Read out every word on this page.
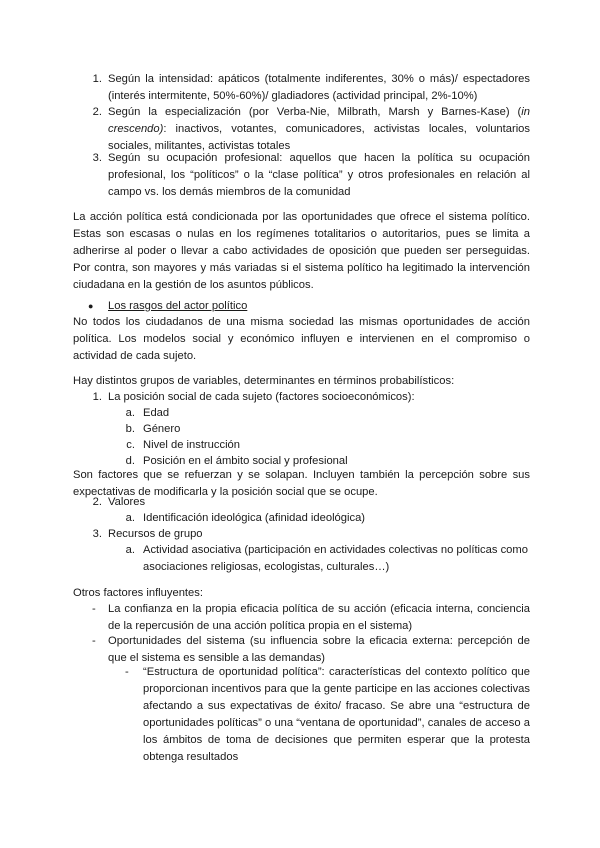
1. Según la intensidad: apáticos (totalmente indiferentes, 30% o más)/ espectadores (interés intermitente, 50%-60%)/ gladiadores (actividad principal, 2%-10%)
2. Según la especialización (por Verba-Nie, Milbrath, Marsh y Barnes-Kase) (in crescendo): inactivos, votantes, comunicadores, activistas locales, voluntarios sociales, militantes, activistas totales
3. Según su ocupación profesional: aquellos que hacen la política su ocupación profesional, los “políticos” o la “clase política” y otros profesionales en relación al campo vs. los demás miembros de la comunidad
La acción política está condicionada por las oportunidades que ofrece el sistema político. Estas son escasas o nulas en los regímenes totalitarios o autoritarios, pues se limita a adherirse al poder o llevar a cabo actividades de oposición que pueden ser perseguidas. Por contra, son mayores y más variadas si el sistema político ha legitimado la intervención ciudadana en la gestión de los asuntos públicos.
● Los rasgos del actor político
No todos los ciudadanos de una misma sociedad las mismas oportunidades de acción política. Los modelos social y económico influyen e intervienen en el compromiso o actividad de cada sujeto.
Hay distintos grupos de variables, determinantes en términos probabilísticos:
1. La posición social de cada sujeto (factores socioeconómicos):
a. Edad
b. Género
c. Nivel de instrucción
d. Posición en el ámbito social y profesional
Son factores que se refuerzan y se solapan. Incluyen también la percepción sobre sus expectativas de modificarla y la posición social que se ocupe.
2. Valores
a. Identificación ideológica (afinidad ideológica)
3. Recursos de grupo
a. Actividad asociativa (participación en actividades colectivas no políticas como asociaciones religiosas, ecologistas, culturales…)
Otros factores influyentes:
- La confianza en la propia eficacia política de su acción (eficacia interna, conciencia de la repercusión de una acción política propia en el sistema)
- Oportunidades del sistema (su influencia sobre la eficacia externa: percepción de que el sistema es sensible a las demandas)
- “Estructura de oportunidad política”: características del contexto político que proporcionan incentivos para que la gente participe en las acciones colectivas afectando a sus expectativas de éxito/ fracaso. Se abre una “estructura de oportunidades políticas” o una “ventana de oportunidad”, canales de acceso a los ámbitos de toma de decisiones que permiten esperar que la protesta obtenga resultados
